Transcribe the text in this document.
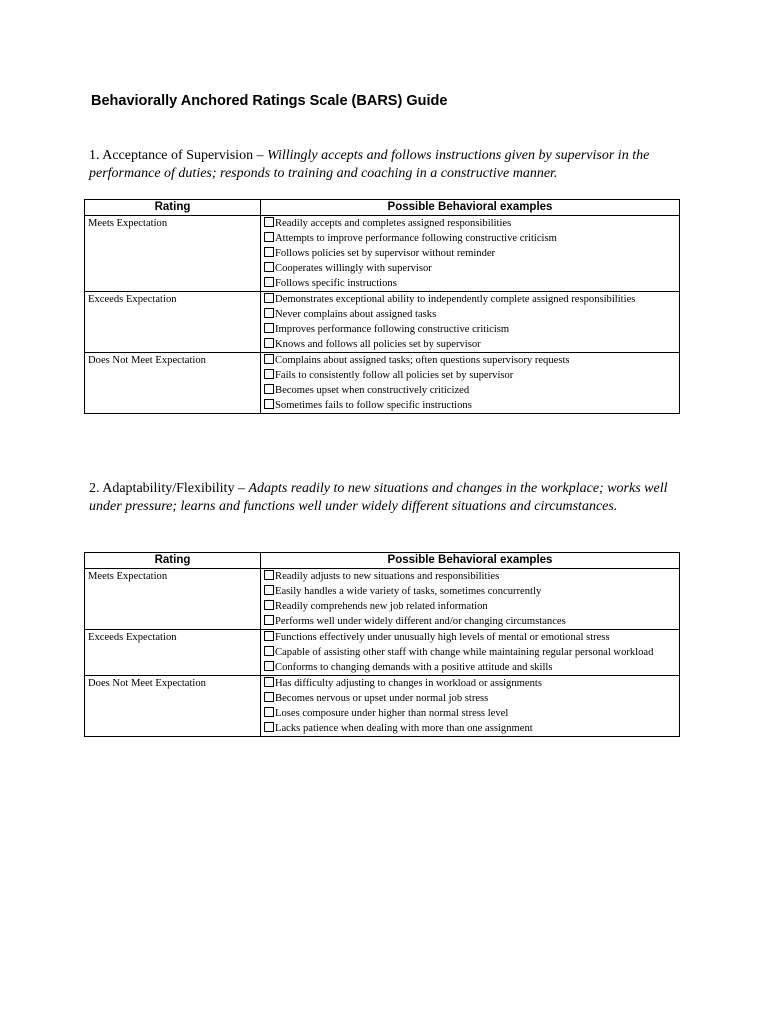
Behaviorally Anchored Ratings Scale (BARS) Guide
1. Acceptance of Supervision – Willingly accepts and follows instructions given by supervisor in the performance of duties; responds to training and coaching in a constructive manner.
Rating	Possible Behavioral examples
Meets Expectation	Readily accepts and completes assigned responsibilities
Attempts to improve performance following constructive criticism
Follows policies set by supervisor without reminder
Cooperates willingly with supervisor
Follows specific instructions

Exceeds Expectation	Demonstrates exceptional ability to independently complete assigned responsibilities
Never complains about assigned tasks
Improves performance following constructive criticism
Knows and follows all policies set by supervisor

Does Not Meet Expectation	Complains about assigned tasks; often questions supervisory requests
Fails to consistently follow all policies set by supervisor
Becomes upset when constructively criticized
Sometimes fails to follow specific instructions
2. Adaptability/Flexibility – Adapts readily to new situations and changes in the workplace; works well under pressure; learns and functions well under widely different situations and circumstances.
Rating	Possible Behavioral examples
Meets Expectation	Readily adjusts to new situations and responsibilities
Easily handles a wide variety of tasks, sometimes concurrently
Readily comprehends new job related information
Performs well under widely different and/or changing circumstances

Exceeds Expectation	Functions effectively under unusually high levels of mental or emotional stress
Capable of assisting other staff with change while maintaining regular personal workload
Conforms to changing demands with a positive attitude and skills

Does Not Meet Expectation	Has difficulty adjusting to changes in workload or assignments
Becomes nervous or upset under normal job stress
Loses composure under higher than normal stress level
Lacks patience when dealing with more than one assignment
